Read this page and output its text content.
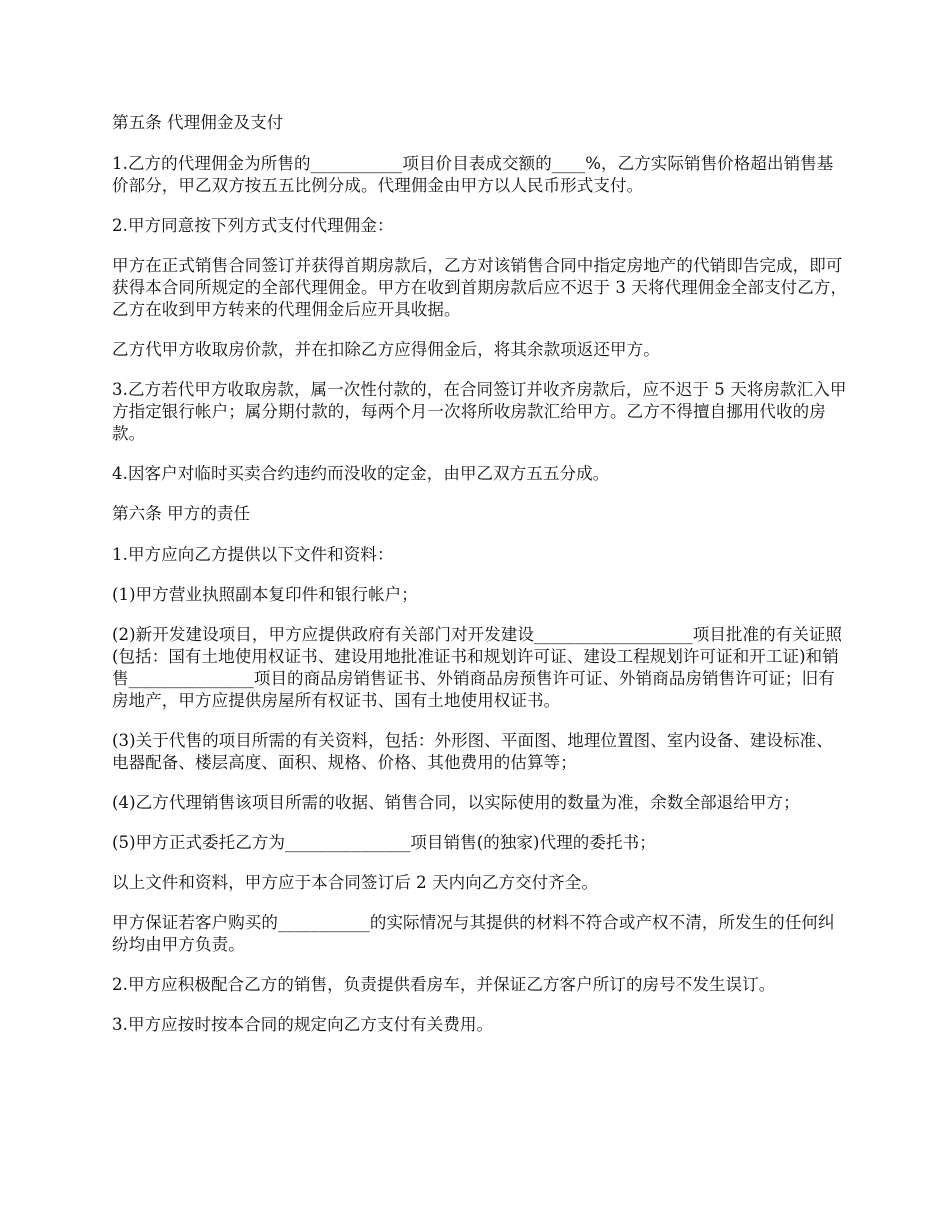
第五条 代理佣金及支付

1.乙方的代理佣金为所售的___________项目价目表成交额的____%，乙方实际销售价格超出销售基价部分，甲乙双方按五五比例分成。代理佣金由甲方以人民币形式支付。

2.甲方同意按下列方式支付代理佣金：

甲方在正式销售合同签订并获得首期房款后，乙方对该销售合同中指定房地产的代销即告完成，即可获得本合同所规定的全部代理佣金。甲方在收到首期房款后应不迟于 3 天将代理佣金全部支付乙方，乙方在收到甲方转来的代理佣金后应开具收据。

乙方代甲方收取房价款，并在扣除乙方应得佣金后，将其余款项返还甲方。

3.乙方若代甲方收取房款，属一次性付款的，在合同签订并收齐房款后，应不迟于 5 天将房款汇入甲方指定银行帐户；属分期付款的，每两个月一次将所收房款汇给甲方。乙方不得擅自挪用代收的房款。

4.因客户对临时买卖合约违约而没收的定金，由甲乙双方五五分成。

第六条 甲方的责任

1.甲方应向乙方提供以下文件和资料：

(1)甲方营业执照副本复印件和银行帐户；

(2)新开发建设项目，甲方应提供政府有关部门对开发建设___________________项目批准的有关证照(包括：国有土地使用权证书、建设用地批准证书和规划许可证、建设工程规划许可证和开工证)和销售_______________项目的商品房销售证书、外销商品房预售许可证、外销商品房销售许可证；旧有房地产，甲方应提供房屋所有权证书、国有土地使用权证书。

(3)关于代售的项目所需的有关资料，包括：外形图、平面图、地理位置图、室内设备、建设标准、电器配备、楼层高度、面积、规格、价格、其他费用的估算等；

(4)乙方代理销售该项目所需的收据、销售合同，以实际使用的数量为准，余数全部退给甲方；

(5)甲方正式委托乙方为_______________项目销售(的独家)代理的委托书；

以上文件和资料，甲方应于本合同签订后 2 天内向乙方交付齐全。

甲方保证若客户购买的___________的实际情况与其提供的材料不符合或产权不清，所发生的任何纠纷均由甲方负责。

2.甲方应积极配合乙方的销售，负责提供看房车，并保证乙方客户所订的房号不发生误订。

3.甲方应按时按本合同的规定向乙方支付有关费用。
